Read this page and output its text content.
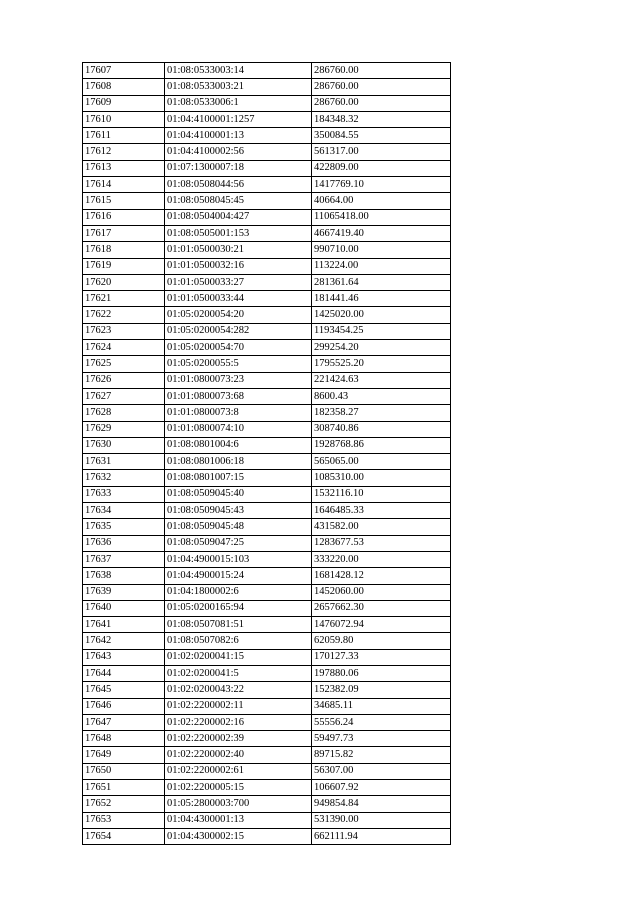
17607	01:08:0533003:14	286760.00
17608	01:08:0533003:21	286760.00
17609	01:08:0533006:1	286760.00
17610	01:04:4100001:1257	184348.32
17611	01:04:4100001:13	350084.55
17612	01:04:4100002:56	561317.00
17613	01:07:1300007:18	422809.00
17614	01:08:0508044:56	1417769.10
17615	01:08:0508045:45	40664.00
17616	01:08:0504004:427	11065418.00
17617	01:08:0505001:153	4667419.40
17618	01:01:0500030:21	990710.00
17619	01:01:0500032:16	113224.00
17620	01:01:0500033:27	281361.64
17621	01:01:0500033:44	181441.46
17622	01:05:0200054:20	1425020.00
17623	01:05:0200054:282	1193454.25
17624	01:05:0200054:70	299254.20
17625	01:05:0200055:5	1795525.20
17626	01:01:0800073:23	221424.63
17627	01:01:0800073:68	8600.43
17628	01:01:0800073:8	182358.27
17629	01:01:0800074:10	308740.86
17630	01:08:0801004:6	1928768.86
17631	01:08:0801006:18	565065.00
17632	01:08:0801007:15	1085310.00
17633	01:08:0509045:40	1532116.10
17634	01:08:0509045:43	1646485.33
17635	01:08:0509045:48	431582.00
17636	01:08:0509047:25	1283677.53
17637	01:04:4900015:103	333220.00
17638	01:04:4900015:24	1681428.12
17639	01:04:1800002:6	1452060.00
17640	01:05:0200165:94	2657662.30
17641	01:08:0507081:51	1476072.94
17642	01:08:0507082:6	62059.80
17643	01:02:0200041:15	170127.33
17644	01:02:0200041:5	197880.06
17645	01:02:0200043:22	152382.09
17646	01:02:2200002:11	34685.11
17647	01:02:2200002:16	55556.24
17648	01:02:2200002:39	59497.73
17649	01:02:2200002:40	89715.82
17650	01:02:2200002:61	56307.00
17651	01:02:2200005:15	106607.92
17652	01:05:2800003:700	949854.84
17653	01:04:4300001:13	531390.00
17654	01:04:4300002:15	662111.94
